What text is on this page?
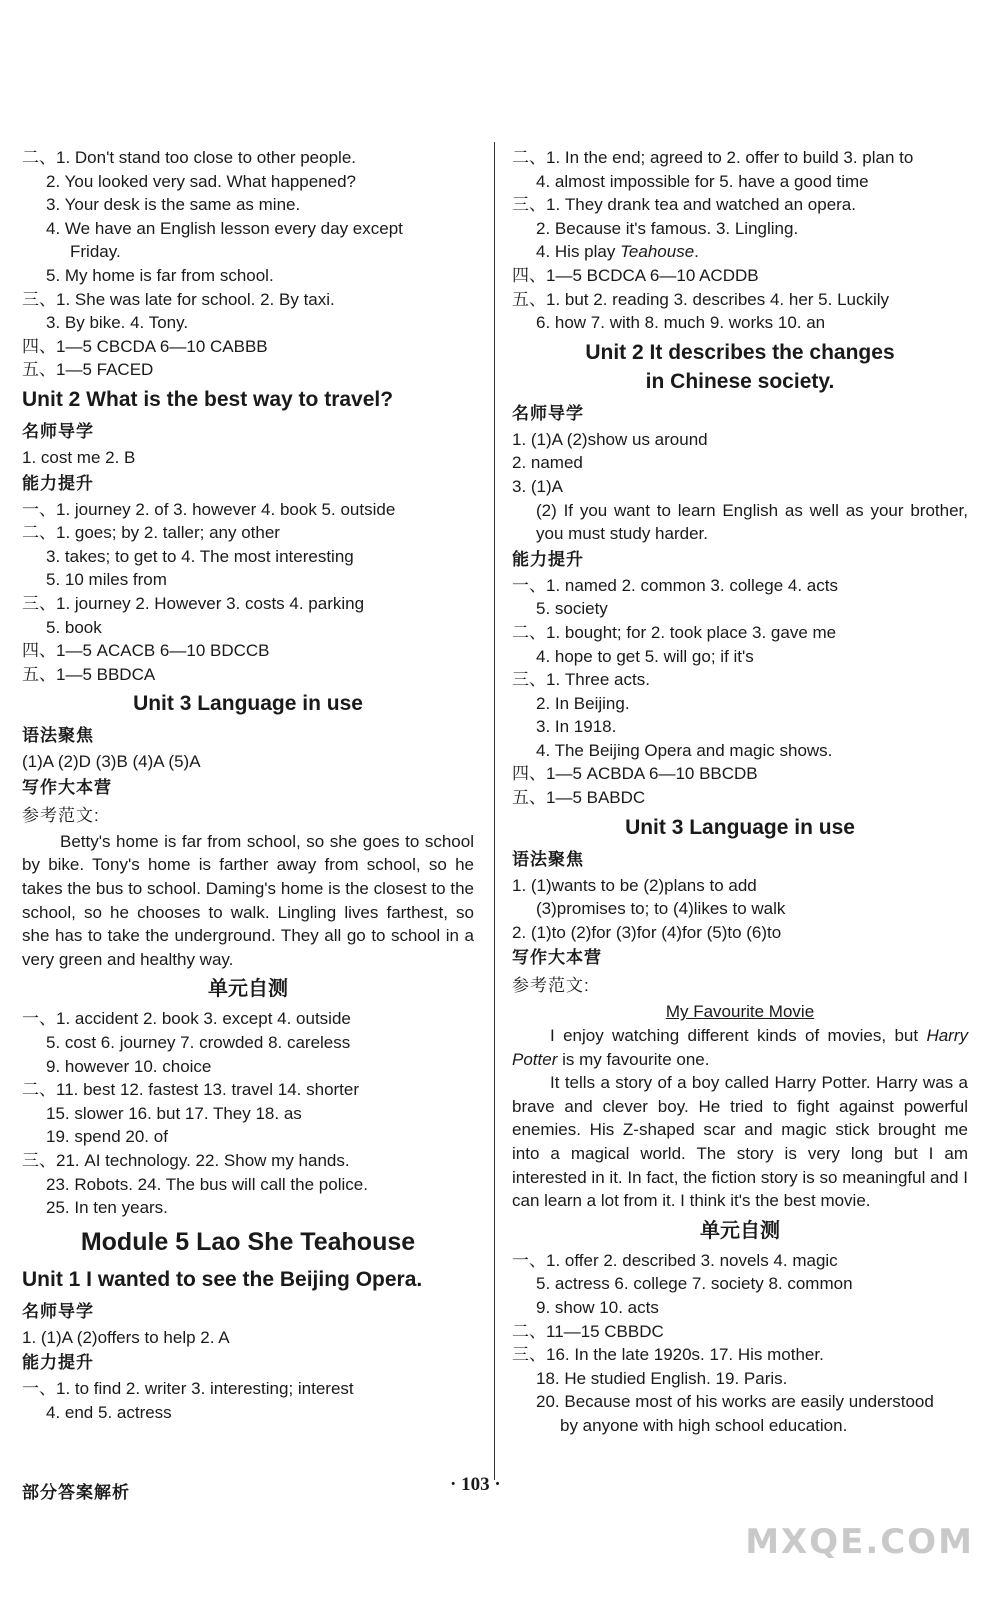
二、1. Don't stand too close to other people.
2. You looked very sad. What happened?
3. Your desk is the same as mine.
4. We have an English lesson every day except
Friday.
5. My home is far from school.
三、1. She was late for school. 2. By taxi.
3. By bike. 4. Tony.
四、1—5 CBCDA 6—10 CABBB
五、1—5 FACED
Unit 2 What is the best way to travel?
名师导学
1. cost me 2. B
能力提升
一、1. journey 2. of 3. however 4. book 5. outside
二、1. goes; by 2. taller; any other
3. takes; to get to 4. The most interesting
5. 10 miles from
三、1. journey 2. However 3. costs 4. parking
5. book
四、1—5 ACACB 6—10 BDCCB
五、1—5 BBDCA
Unit 3 Language in use
语法聚焦
(1)A (2)D (3)B (4)A (5)A
写作大本营
参考范文:
Betty's home is far from school, so she goes to school by bike. Tony's home is farther away from school, so he takes the bus to school. Daming's home is the closest to the school, so he chooses to walk. Lingling lives farthest, so she has to take the underground. They all go to school in a very green and healthy way.
单元自测
一、1. accident 2. book 3. except 4. outside
5. cost 6. journey 7. crowded 8. careless
9. however 10. choice
二、11. best 12. fastest 13. travel 14. shorter
15. slower 16. but 17. They 18. as
19. spend 20. of
三、21. AI technology. 22. Show my hands.
23. Robots. 24. The bus will call the police.
25. In ten years.
Module 5 Lao She Teahouse
Unit 1 I wanted to see the Beijing Opera.
名师导学
1. (1)A (2)offers to help 2. A
能力提升
一、1. to find 2. writer 3. interesting; interest
4. end 5. actress
二、1. In the end; agreed to 2. offer to build 3. plan to
4. almost impossible for 5. have a good time
三、1. They drank tea and watched an opera.
2. Because it's famous. 3. Lingling.
4. His play Teahouse.
四、1—5 BCDCA 6—10 ACDDB
五、1. but 2. reading 3. describes 4. her 5. Luckily
6. how 7. with 8. much 9. works 10. an
Unit 2 It describes the changes
in Chinese society.
名师导学
1. (1)A (2)show us around
2. named
3. (1)A
(2) If you want to learn English as well as your brother, you must study harder.
能力提升
一、1. named 2. common 3. college 4. acts
5. society
二、1. bought; for 2. took place 3. gave me
4. hope to get 5. will go; if it's
三、1. Three acts.
2. In Beijing.
3. In 1918.
4. The Beijing Opera and magic shows.
四、1—5 ACBDA 6—10 BBCDB
五、1—5 BABDC
Unit 3 Language in use
语法聚焦
1. (1)wants to be (2)plans to add
(3)promises to; to (4)likes to walk
2. (1)to (2)for (3)for (4)for (5)to (6)to
写作大本营
参考范文:
My Favourite Movie
I enjoy watching different kinds of movies, but Harry Potter is my favourite one.
It tells a story of a boy called Harry Potter. Harry was a brave and clever boy. He tried to fight against powerful enemies. His Z-shaped scar and magic stick brought me into a magical world. The story is very long but I am interested in it. In fact, the fiction story is so meaningful and I can learn a lot from it. I think it's the best movie.
单元自测
一、1. offer 2. described 3. novels 4. magic
5. actress 6. college 7. society 8. common
9. show 10. acts
二、11—15 CBBDC
三、16. In the late 1920s. 17. His mother.
18. He studied English. 19. Paris.
20. Because most of his works are easily understood
by anyone with high school education.
部分答案解析	· 103 ·
MXQE.COM
